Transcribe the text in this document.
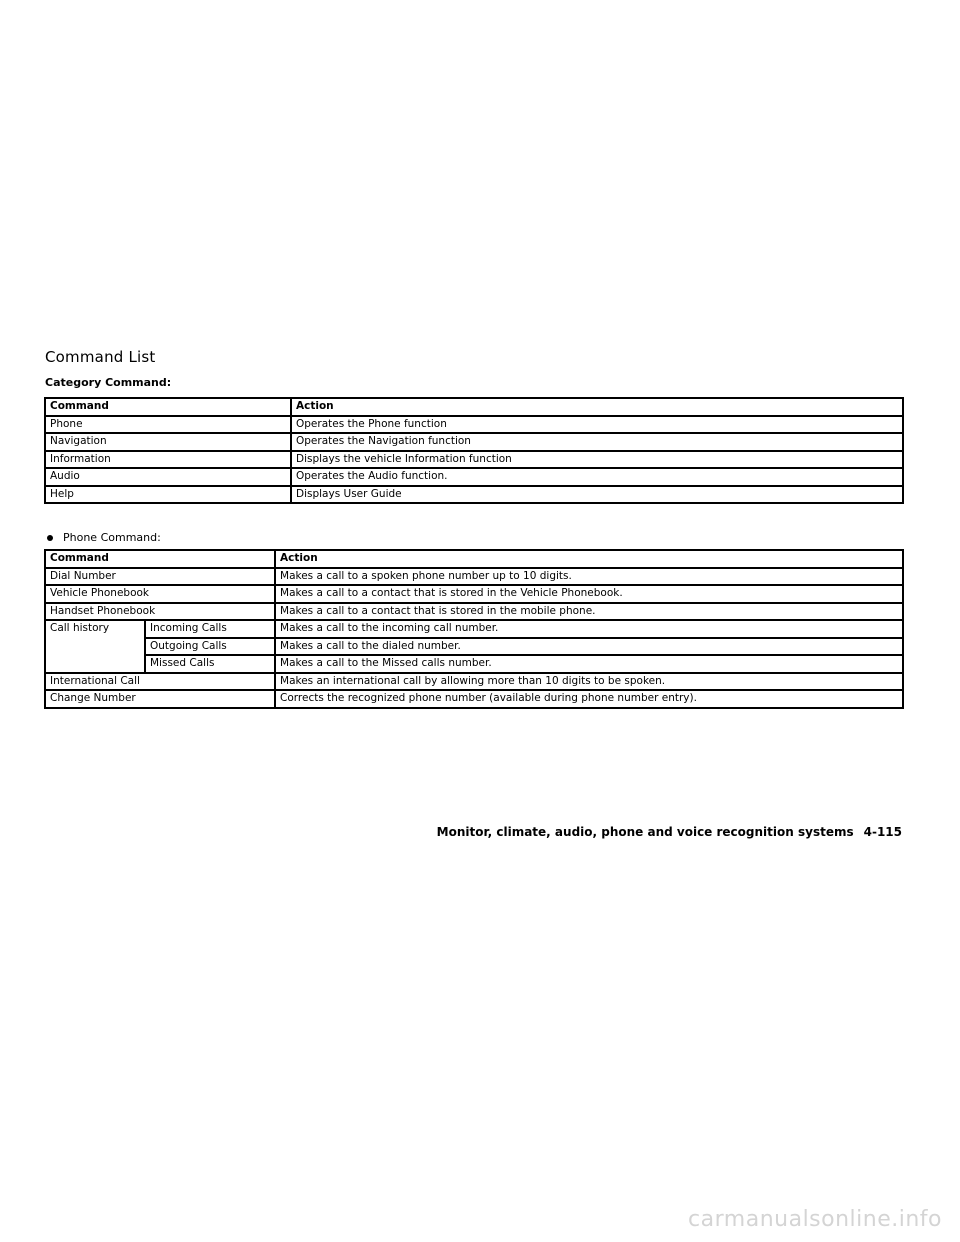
Command List
Category Command:
Command	Action
Phone	Operates the Phone function
Navigation	Operates the Navigation function
Information	Displays the vehicle Information function
Audio	Operates the Audio function.
Help	Displays User Guide
Phone Command:
Command		Action
Dial Number		Makes a call to a spoken phone number up to 10 digits.
Vehicle Phonebook		Makes a call to a contact that is stored in the Vehicle Phonebook.
Handset Phonebook		Makes a call to a contact that is stored in the mobile phone.
Call history	Incoming Calls	Makes a call to the incoming call number.
	Outgoing Calls	Makes a call to the dialed number.
	Missed Calls	Makes a call to the Missed calls number.
International Call		Makes an international call by allowing more than 10 digits to be spoken.
Change Number		Corrects the recognized phone number (available during phone number entry).
Monitor, climate, audio, phone and voice recognition systems 4-115
carmanualsonline.info
